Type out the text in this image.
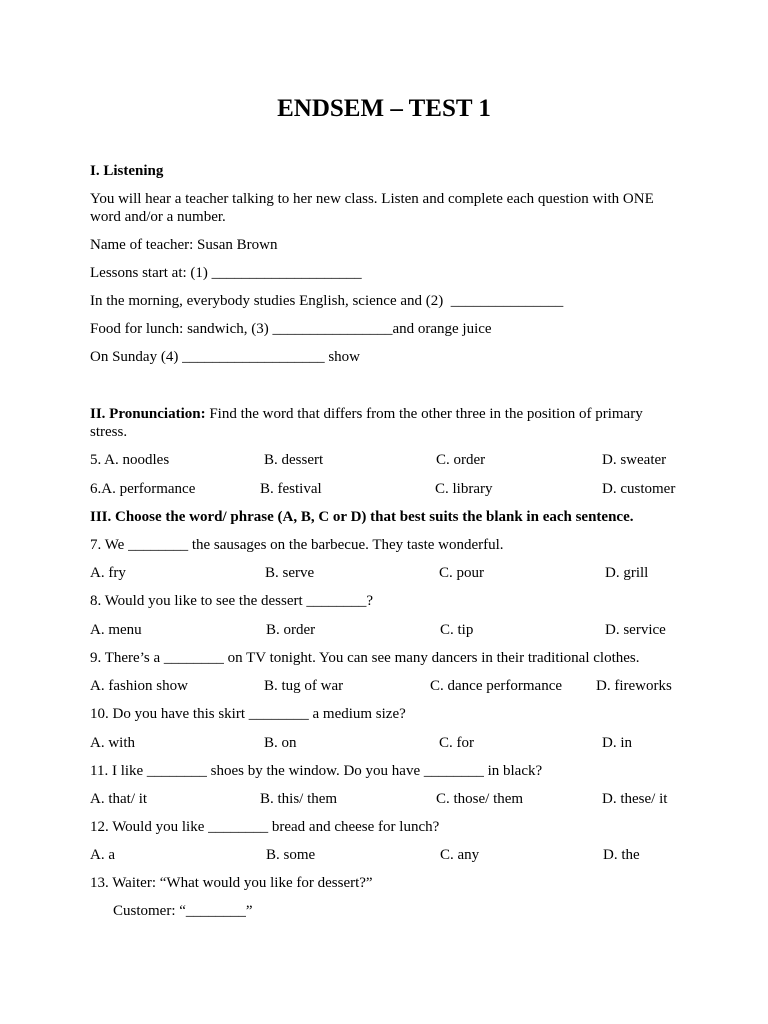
ENDSEM – TEST 1
I. Listening
You will hear a teacher talking to her new class. Listen and complete each question with ONE word and/or a number.
Name of teacher: Susan Brown
Lessons start at: (1) ____________________
In the morning, everybody studies English, science and (2)  _______________
Food for lunch: sandwich, (3) ________________and orange juice
On Sunday (4) ___________________ show
II. Pronunciation: Find the word that differs from the other three in the position of primary stress.
5. A. noodles	B. dessert	C. order	D. sweater
6.A. performance	B. festival	C. library	D. customer
III. Choose the word/ phrase (A, B, C or D) that best suits the blank in each sentence.
7. We ________ the sausages on the barbecue. They taste wonderful.
A. fry	B. serve	C. pour	D. grill
8. Would you like to see the dessert ________?
A. menu	B. order	C. tip	D. service
9. There’s a ________ on TV tonight. You can see many dancers in their traditional clothes.
A. fashion show	B. tug of war	C. dance performance D. fireworks
10. Do you have this skirt ________ a medium size?
A. with	B. on	C. for	D. in
11. I like ________ shoes by the window. Do you have ________ in black?
A. that/ it	B. this/ them	C. those/ them	D. these/ it
12. Would you like ________ bread and cheese for lunch?
A. a	B. some	C. any	D. the
13. Waiter: “What would you like for dessert?”
Customer: “________”
